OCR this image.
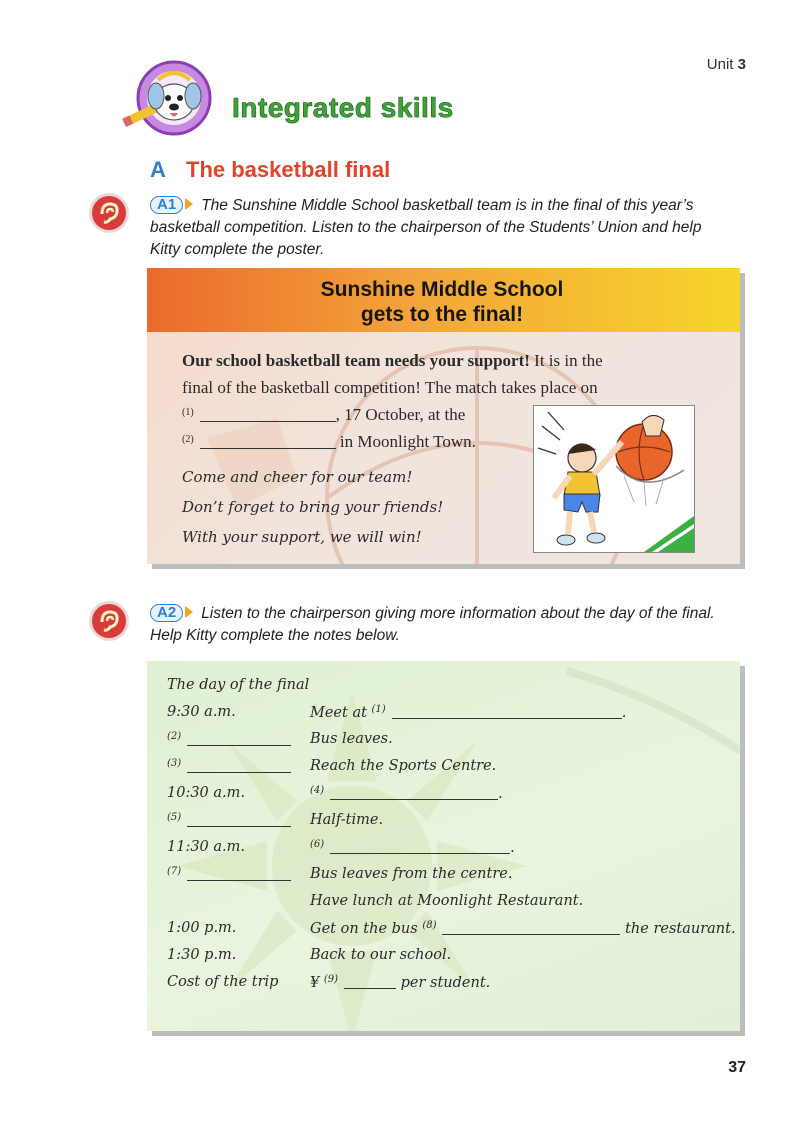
Unit 3
Integrated skills
A The basketball final
A1 The Sunshine Middle School basketball team is in the final of this year’s
basketball competition. Listen to the chairperson of the Students’ Union and help
Kitty complete the poster.
Sunshine Middle School
gets to the final!
Our school basketball team needs your support! It is in the
final of the basketball competition! The match takes place on
$^{(1)}$	, 17 October, at the
$^{(2)}$	in Moonlight Town.
Come and cheer for our team!
Don’t forget to bring your friends!
With your support, we will win!
A2 Listen to the chairperson giving more information about the day of the final.
Help Kitty complete the notes below.
The day of the final
9:30 a.m.	Meet at $^{(1)}$	.
$^{(2)}$	Bus leaves.
$^{(3)}$	Reach the Sports Centre.
10:30 a.m.	$^{(4)}$	.
$^{(5)}$	Half-time.
11:30 a.m.	$^{(6)}$	.
$^{(7)}$	Bus leaves from the centre.
Have lunch at Moonlight Restaurant.
1:00 p.m.	Get on the bus $^{(8)}$	the restaurant.
1:30 p.m.	Back to our school.
Cost of the trip ¥ $^{(9)}$	per student.
37
